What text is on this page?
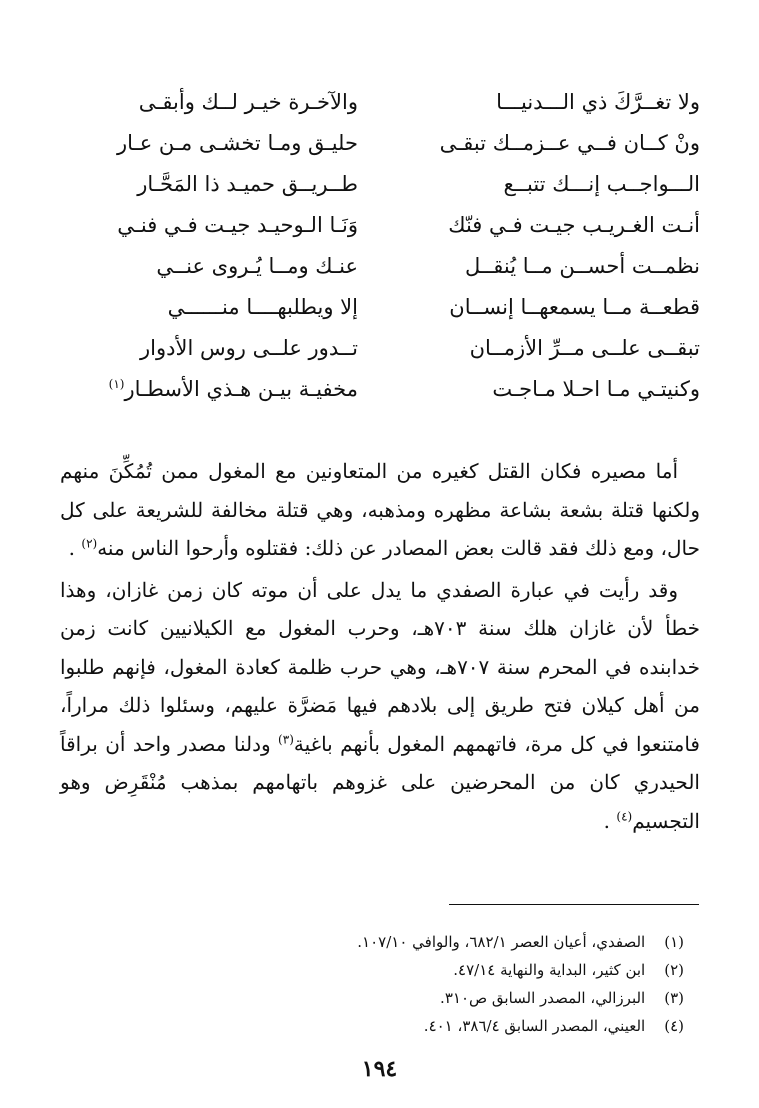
ولا تغــرَّكَ ذي الـــدنيـــا
والآخـرة خيـر لــك وأبقـى
ونْ كــان فــي عــزمــك تبقـى
حليـق ومـا تخشـى مـن عـار
الـــواجــب إنـــك تتبــع
طــريــق حميـد ذا المَحَّـار
أنـت الغـريـب جيـت فـي فنّك
وَنَـا الـوحيـد جيـت فـي فنـي
نظمــت أحســن مــا يُنقــل
عنـك ومــا يُـروى عنــي
قطعــة مــا يسمعهــا إنســان
إلا ويطلبهــــا منــــــي
تبقــى علــى مــرِّ الأزمــان
تــدور علــى روس الأدوار
وكنيتـي مـا احـلا مـاجـت
مخفيـة بيـن هـذي الأسطـار$^{(١)}$

أما مصيره فكان القتل كغيره من المتعاونين مع المغول ممن تُمُكِّنَ منهم ولكنها قتلة بشعة بشاعة مظهره ومذهبه، وهي قتلة مخالفة للشريعة على كل حال، ومع ذلك فقد قالت بعض المصادر عن ذلك: فقتلوه وأرحوا الناس منه$^{(٢)}$ .

وقد رأيت في عبارة الصفدي ما يدل على أن موته كان زمن غازان، وهذا خطأ لأن غازان هلك سنة ٧٠٣هـ، وحرب المغول مع الكيلانيين كانت زمن خدابنده في المحرم سنة ٧٠٧هـ، وهي حرب ظلمة كعادة المغول، فإنهم طلبوا من أهل كيلان فتح طريق إلى بلادهم فيها مَضرَّة عليهم، وسئلوا ذلك مراراً، فامتنعوا في كل مرة، فاتهمهم المغول بأنهم باغية$^{(٣)}$ ودلنا مصدر واحد أن براقاً الحيدري كان من المحرضين على غزوهم باتهامهم بمذهب مُنْقَرِض وهو التجسيم$^{(٤)}$ .

(١) الصفدي، أعيان العصر ٦٨٢/١، والوافي ١٠٧/١٠.
(٢) ابن كثير، البداية والنهاية ٤٧/١٤.
(٣) البرزالي، المصدر السابق ص٣١٠.
(٤) العيني، المصدر السابق ٣٨٦/٤، ٤٠١.
١٩٤
